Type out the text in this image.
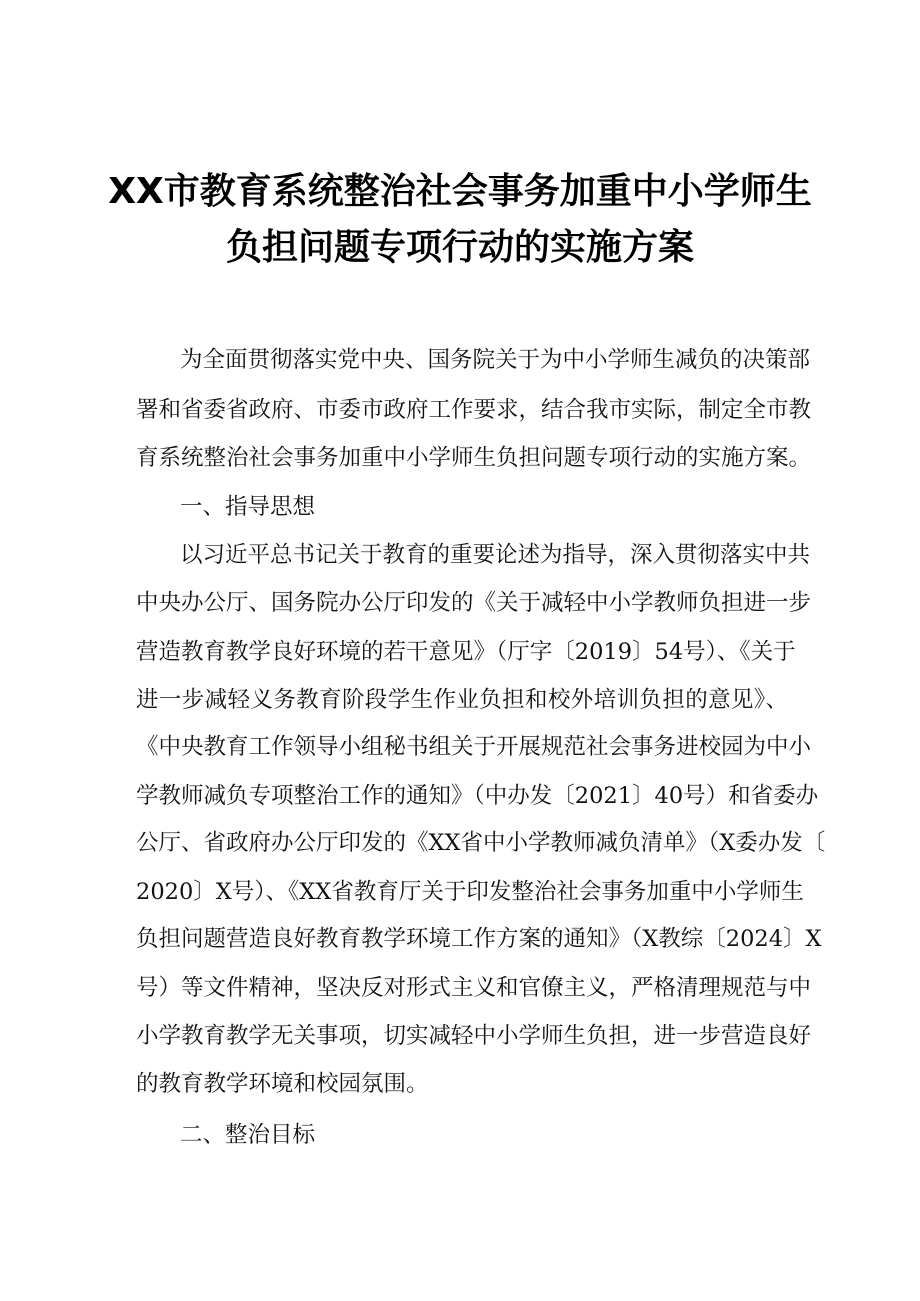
XX市教育系统整治社会事务加重中小学师生
负担问题专项行动的实施方案
为全面贯彻落实党中央、国务院关于为中小学师生减负的决策部
署和省委省政府、市委市政府工作要求，结合我市实际，制定全市教
育系统整治社会事务加重中小学师生负担问题专项行动的实施方案。
一、指导思想
以习近平总书记关于教育的重要论述为指导，深入贯彻落实中共
中央办公厅、国务院办公厅印发的《关于减轻中小学教师负担进一步
营造教育教学良好环境的若干意见》（厅字〔2019〕54号）、《关于
进一步减轻义务教育阶段学生作业负担和校外培训负担的意见》、
《中央教育工作领导小组秘书组关于开展规范社会事务进校园为中小
学教师减负专项整治工作的通知》（中办发〔2021〕40号）和省委办
公厅、省政府办公厅印发的《XX省中小学教师减负清单》（X委办发〔
2020〕X号）、《XX省教育厅关于印发整治社会事务加重中小学师生
负担问题营造良好教育教学环境工作方案的通知》（X教综〔2024〕X
号）等文件精神，坚决反对形式主义和官僚主义，严格清理规范与中
小学教育教学无关事项，切实减轻中小学师生负担，进一步营造良好
的教育教学环境和校园氛围。
二、整治目标
